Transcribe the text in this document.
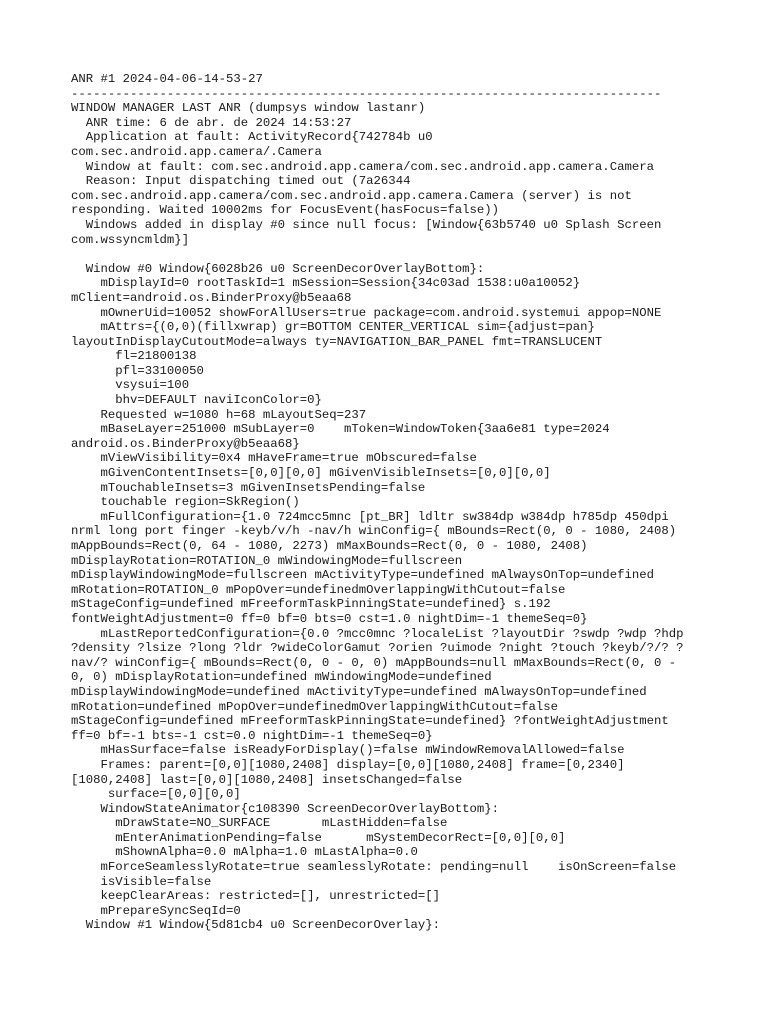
ANR #1 2024-04-06-14-53-27
--------------------------------------------------------------------------------
WINDOW MANAGER LAST ANR (dumpsys window lastanr)
ANR time: 6 de abr. de 2024 14:53:27
Application at fault: ActivityRecord{742784b u0
com.sec.android.app.camera/.Camera
Window at fault: com.sec.android.app.camera/com.sec.android.app.camera.Camera
Reason: Input dispatching timed out (7a26344
com.sec.android.app.camera/com.sec.android.app.camera.Camera (server) is not
responding. Waited 10002ms for FocusEvent(hasFocus=false))
Windows added in display #0 since null focus: [Window{63b5740 u0 Splash Screen
com.wssyncmldm}]
Window #0 Window{6028b26 u0 ScreenDecorOverlayBottom}:
mDisplayId=0 rootTaskId=1 mSession=Session{34c03ad 1538:u0a10052}
mClient=android.os.BinderProxy@b5eaa68
mOwnerUid=10052 showForAllUsers=true package=com.android.systemui appop=NONE
mAttrs={(0,0)(fillxwrap) gr=BOTTOM CENTER_VERTICAL sim={adjust=pan}
layoutInDisplayCutoutMode=always ty=NAVIGATION_BAR_PANEL fmt=TRANSLUCENT
fl=21800138
pfl=33100050
vsysui=100
bhv=DEFAULT naviIconColor=0}
Requested w=1080 h=68 mLayoutSeq=237
mBaseLayer=251000 mSubLayer=0    mToken=WindowToken{3aa6e81 type=2024
android.os.BinderProxy@b5eaa68}
mViewVisibility=0x4 mHaveFrame=true mObscured=false
mGivenContentInsets=[0,0][0,0] mGivenVisibleInsets=[0,0][0,0]
mTouchableInsets=3 mGivenInsetsPending=false
touchable region=SkRegion()
mFullConfiguration={1.0 724mcc5mnc [pt_BR] ldltr sw384dp w384dp h785dp 450dpi
nrml long port finger -keyb/v/h -nav/h winConfig={ mBounds=Rect(0, 0 - 1080, 2408)
mAppBounds=Rect(0, 64 - 1080, 2273) mMaxBounds=Rect(0, 0 - 1080, 2408)
mDisplayRotation=ROTATION_0 mWindowingMode=fullscreen
mDisplayWindowingMode=fullscreen mActivityType=undefined mAlwaysOnTop=undefined
mRotation=ROTATION_0 mPopOver=undefinedmOverlappingWithCutout=false
mStageConfig=undefined mFreeformTaskPinningState=undefined} s.192
fontWeightAdjustment=0 ff=0 bf=0 bts=0 cst=1.0 nightDim=-1 themeSeq=0}
mLastReportedConfiguration={0.0 ?mcc0mnc ?localeList ?layoutDir ?swdp ?wdp ?hdp
?density ?lsize ?long ?ldr ?wideColorGamut ?orien ?uimode ?night ?touch ?keyb/?/? ?
nav/? winConfig={ mBounds=Rect(0, 0 - 0, 0) mAppBounds=null mMaxBounds=Rect(0, 0 -
0, 0) mDisplayRotation=undefined mWindowingMode=undefined
mDisplayWindowingMode=undefined mActivityType=undefined mAlwaysOnTop=undefined
mRotation=undefined mPopOver=undefinedmOverlappingWithCutout=false
mStageConfig=undefined mFreeformTaskPinningState=undefined} ?fontWeightAdjustment
ff=0 bf=-1 bts=-1 cst=0.0 nightDim=-1 themeSeq=0}
mHasSurface=false isReadyForDisplay()=false mWindowRemovalAllowed=false
Frames: parent=[0,0][1080,2408] display=[0,0][1080,2408] frame=[0,2340]
[1080,2408] last=[0,0][1080,2408] insetsChanged=false
surface=[0,0][0,0]
WindowStateAnimator{c108390 ScreenDecorOverlayBottom}:
mDrawState=NO_SURFACE       mLastHidden=false
mEnterAnimationPending=false      mSystemDecorRect=[0,0][0,0]
mShownAlpha=0.0 mAlpha=1.0 mLastAlpha=0.0
mForceSeamlesslyRotate=true seamlesslyRotate: pending=null    isOnScreen=false
isVisible=false
keepClearAreas: restricted=[], unrestricted=[]
mPrepareSyncSeqId=0
Window #1 Window{5d81cb4 u0 ScreenDecorOverlay}:
